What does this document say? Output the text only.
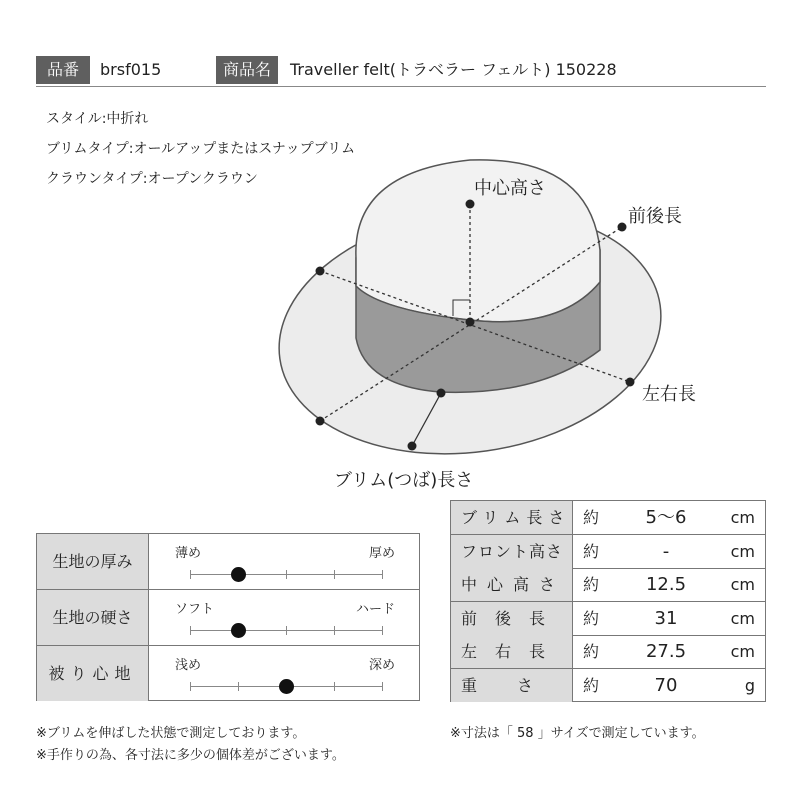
品番	brsf015	商品名	Traveller felt(トラベラー フェルト) 150228
スタイル:中折れ
ブリムタイプ:オールアップまたはスナップブリム
クラウンタイプ:オープンクラウン	中心高さ
前後長
左右長
ブリム(つば)長さ
生地の厚み	薄め	厚め
生地の硬さ	ソフト	ハード
被り心地	浅め	深め
ブリム長さ 約	5〜6	cm
フロント高さ	約	-	cm
中心高さ	約	12.5	cm
前後長	約	31	cm
左右長	約	27.5	cm
重さ 約	70	g
※ブリムを伸ばした状態で測定しております。
※手作りの為、各寸法に多少の個体差がございます。
※寸法は「 58 」サイズで測定しています。
